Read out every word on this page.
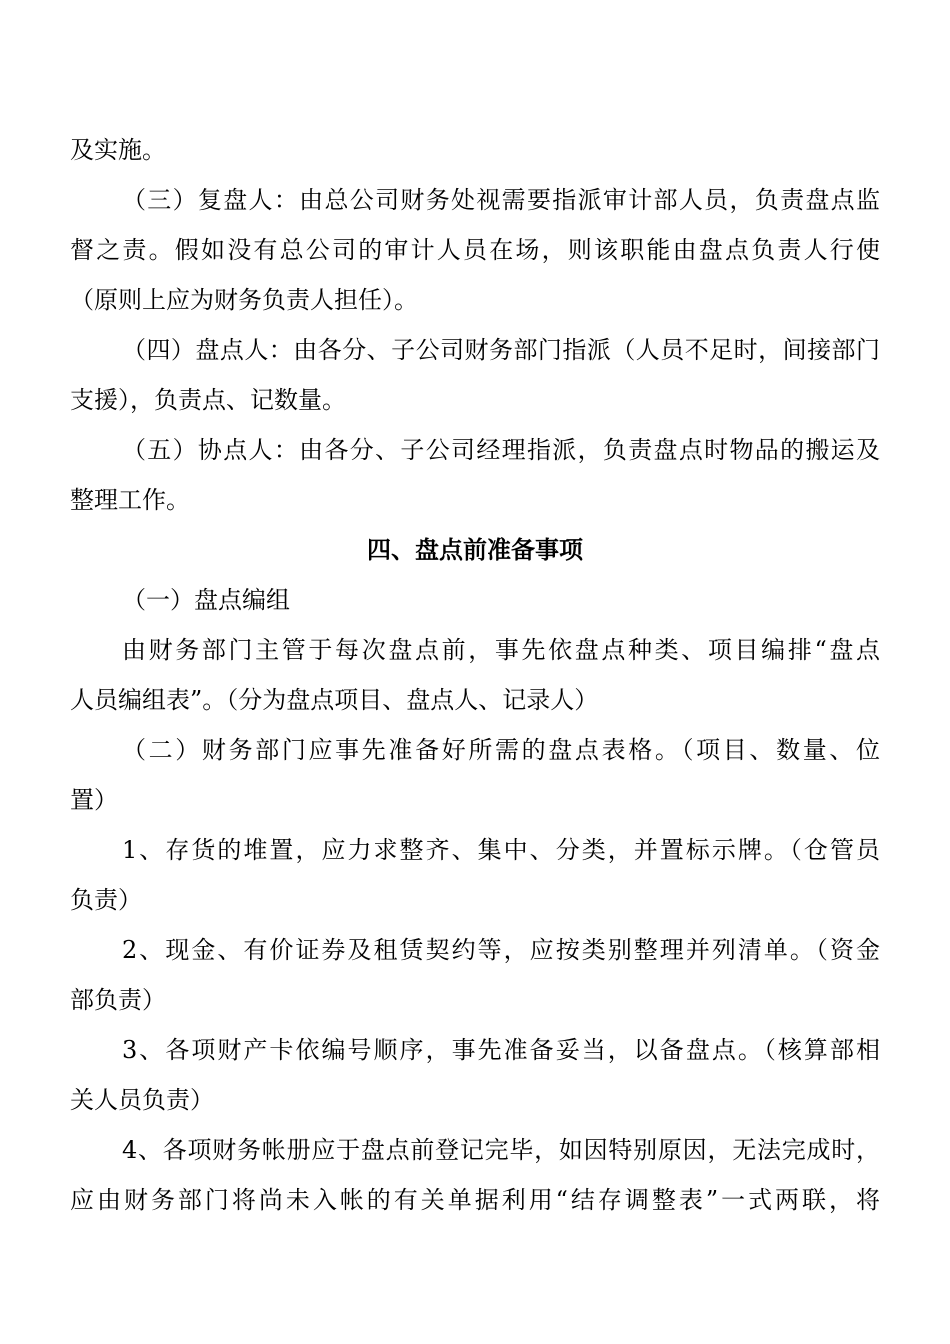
及实施。
（三）复盘人：由总公司财务处视需要指派审计部人员，负责盘点监
督之责。假如没有总公司的审计人员在场，则该职能由盘点负责人行使
（原则上应为财务负责人担任）。
（四）盘点人：由各分、子公司财务部门指派（人员不足时，间接部门
支援），负责点、记数量。
（五）协点人：由各分、子公司经理指派，负责盘点时物品的搬运及
整理工作。
四、盘点前准备事项
（一）盘点编组
由财务部门主管于每次盘点前，事先依盘点种类、项目编排“盘点
人员编组表”。（分为盘点项目、盘点人、记录人）
（二）财务部门应事先准备好所需的盘点表格。（项目、数量、位
置）
1、存货的堆置，应力求整齐、集中、分类，并置标示牌。（仓管员
负责）
2、现金、有价证券及租赁契约等，应按类别整理并列清单。（资金
部负责）
3、各项财产卡依编号顺序，事先准备妥当，以备盘点。（核算部相
关人员负责）
4、各项财务帐册应于盘点前登记完毕，如因特别原因，无法完成时，
应由财务部门将尚未入帐的有关单据利用“结存调整表”一式两联，将
